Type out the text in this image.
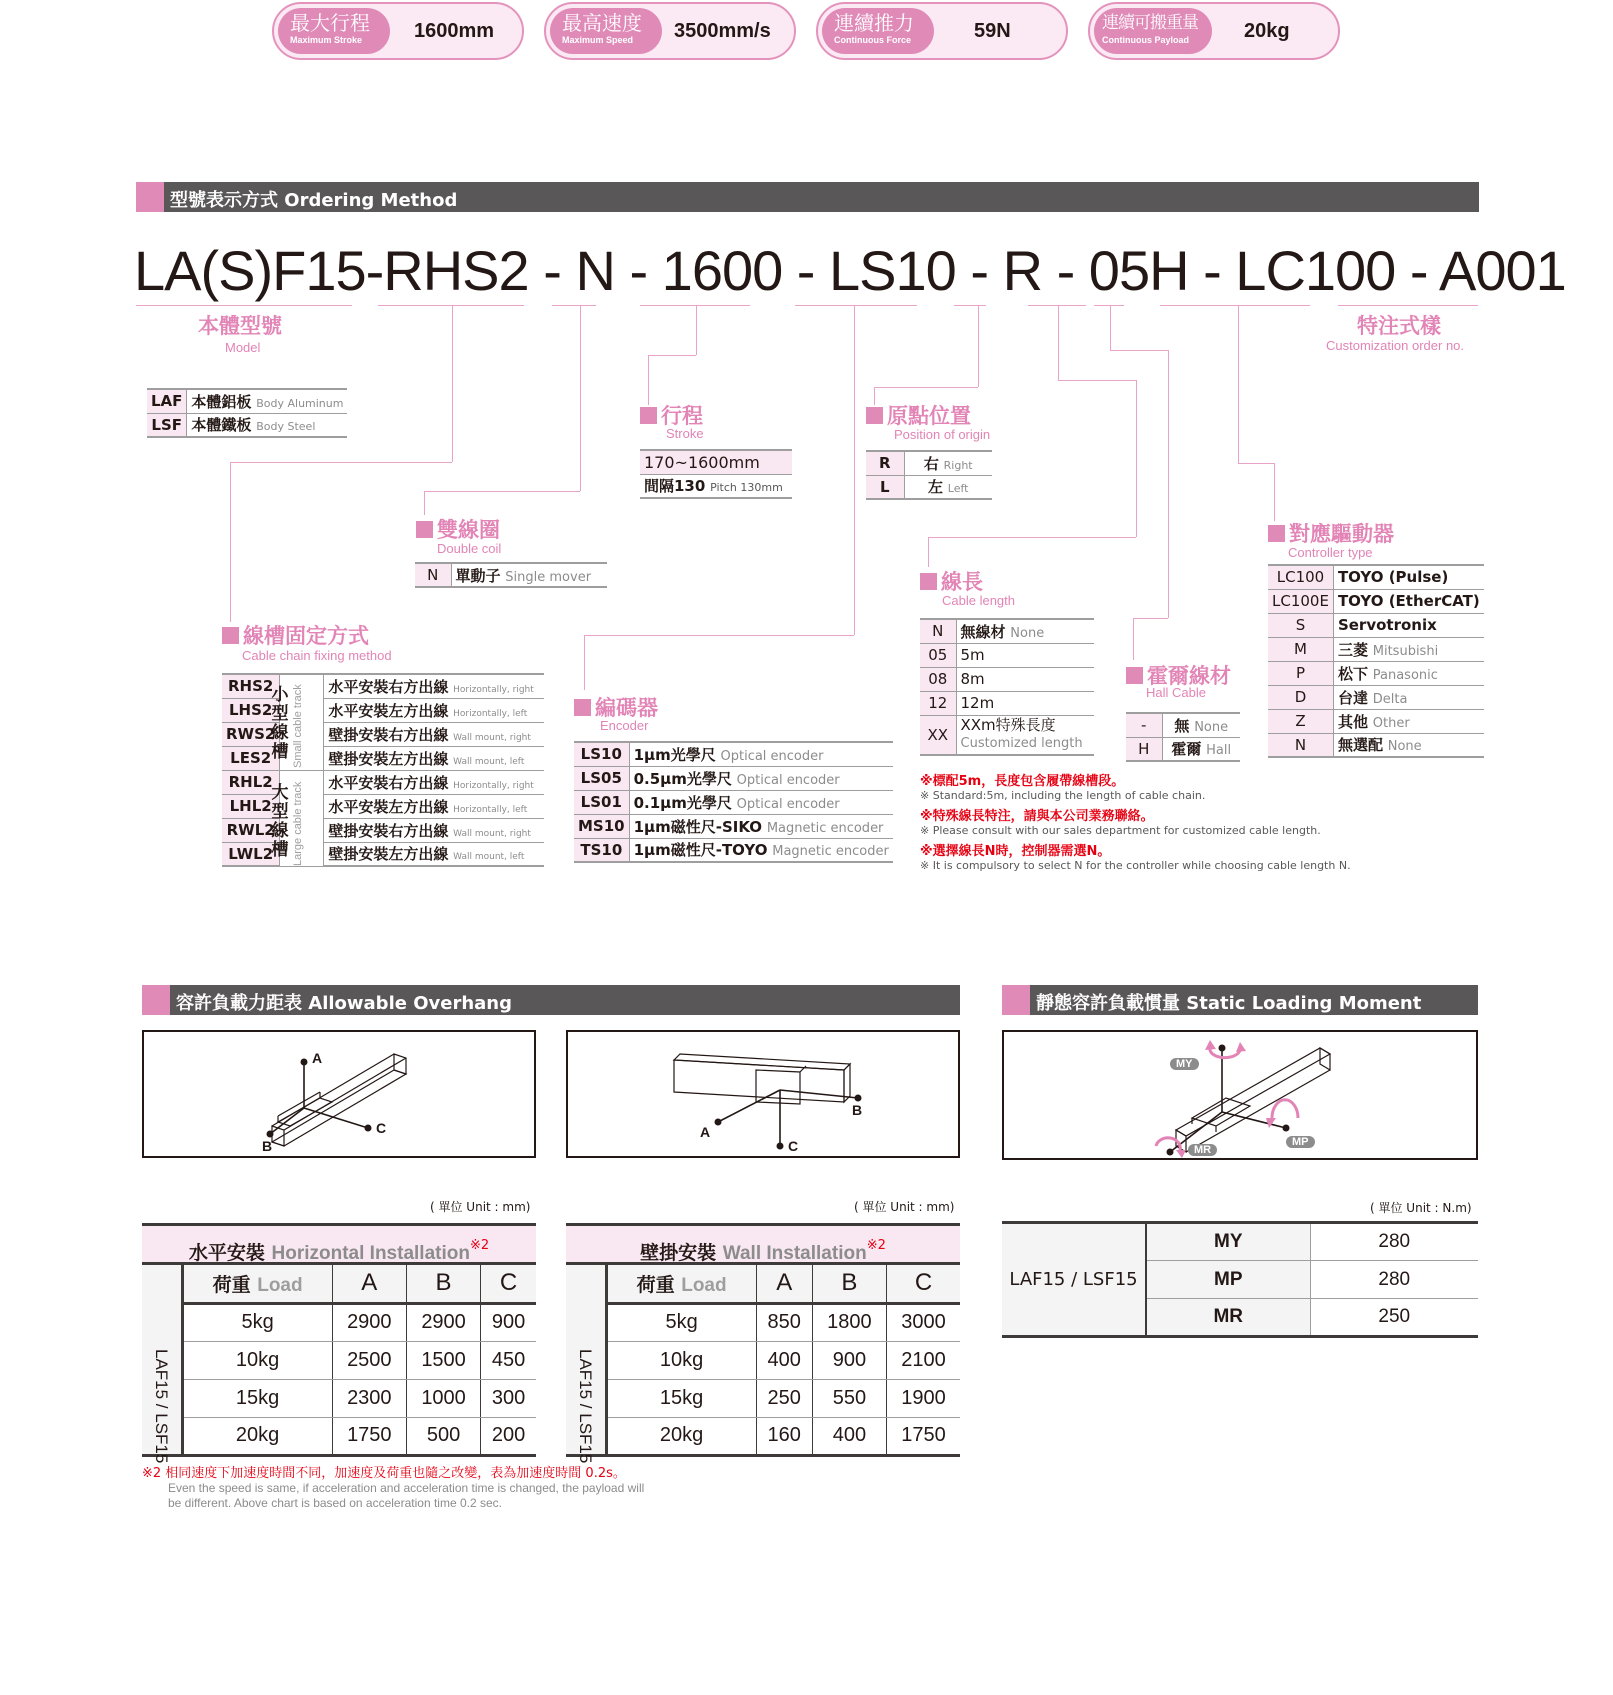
最大行程
Maximum Stroke	1600mm	最高速度
Maximum Speed	3500mm/s	連續推力
Continuous Force	59N	連續可搬重量
Continuous Payload	20kg
型號表示方式 Ordering Method
LA(S)F15-RHS2 - N - 1600 - LS10 - R - 05H - LC100 - A001
本體型號
Model
LAF	本體鋁板 Body Aluminum
LSF	本體鐵板 Body Steel
特注式樣
Customization order no.
行程
Stroke
170~1600mm
間隔130 Pitch 130mm
原點位置
Position of origin
R	右 Right
L	左 Left
雙線圈
Double coil
N	單動子 Single mover
對應驅動器
Controller type
LC100	TOYO (Pulse)
LC100E	TOYO (EtherCAT)
S	Servotronix
M	三菱 Mitsubishi
P	松下 Panasonic
D	台達 Delta
Z	其他 Other
N	無選配 None
線長
Cable length
N	無線材 None
05	5m
08	8m
12	12m
XX	XXm特殊長度
Customized length
霍爾線材
Hall Cable
-	無 None
H	霍爾 Hall
線槽固定方式
Cable chain fixing method
RHS2		水平安裝右方出線 Horizontally, right
LHS2		水平安裝左方出線 Horizontally, left
RWS2		壁掛安裝右方出線 Wall mount, right
LES2		壁掛安裝左方出線 Wall mount, left
RHL2		水平安裝右方出線 Horizontally, right
LHL2		水平安裝左方出線 Horizontally, left
RWL2		壁掛安裝右方出線 Wall mount, right
LWL2		壁掛安裝左方出線 Wall mount, left
小型線槽 Small cable track
大型線槽 Large cable track
編碼器
Encoder
LS10	1μm光學尺 Optical encoder
LS05	0.5μm光學尺 Optical encoder
LS01	0.1μm光學尺 Optical encoder
MS10	1μm磁性尺-SIKO Magnetic encoder
TS10	1μm磁性尺-TOYO Magnetic encoder
※標配5m，長度包含履帶線槽段。
※ Standard:5m, including the length of cable chain.
※特殊線長特注，請與本公司業務聯絡。
※ Please consult with our sales department for customized cable length.
※選擇線長N時，控制器需選N。
※ It is compulsory to select N for the controller while choosing cable length N.
容許負載力距表 Allowable Overhang
A
C
B
B
A
C
( 單位 Unit : mm)	( 單位 Unit : mm)
水平安裝 Horizontal Installation$^{※2}$
LAF15 / LSF15	荷重 Load	A	B	C
	5kg	2900	2900	900
	10kg	2500	1500	450
	15kg	2300	1000	300
	20kg	1750	500	200
壁掛安裝 Wall Installation$^{※2}$
LAF15 / LSF15	荷重 Load	A	B	C
	5kg	850	1800	3000
	10kg	400	900	2100
	15kg	250	550	1900
	20kg	160	400	1750
※2 相同速度下加速度時間不同，加速度及荷重也隨之改變，表為加速度時間 0.2s。
Even the speed is same, if acceleration and acceleration time is changed, the payload will
be different. Above chart is based on acceleration time 0.2 sec.
靜態容許負載慣量 Static Loading Moment
MY
MP
MR
( 單位 Unit : N.m)
LAF15 / LSF15	MY	280
	MP	280
	MR	250
